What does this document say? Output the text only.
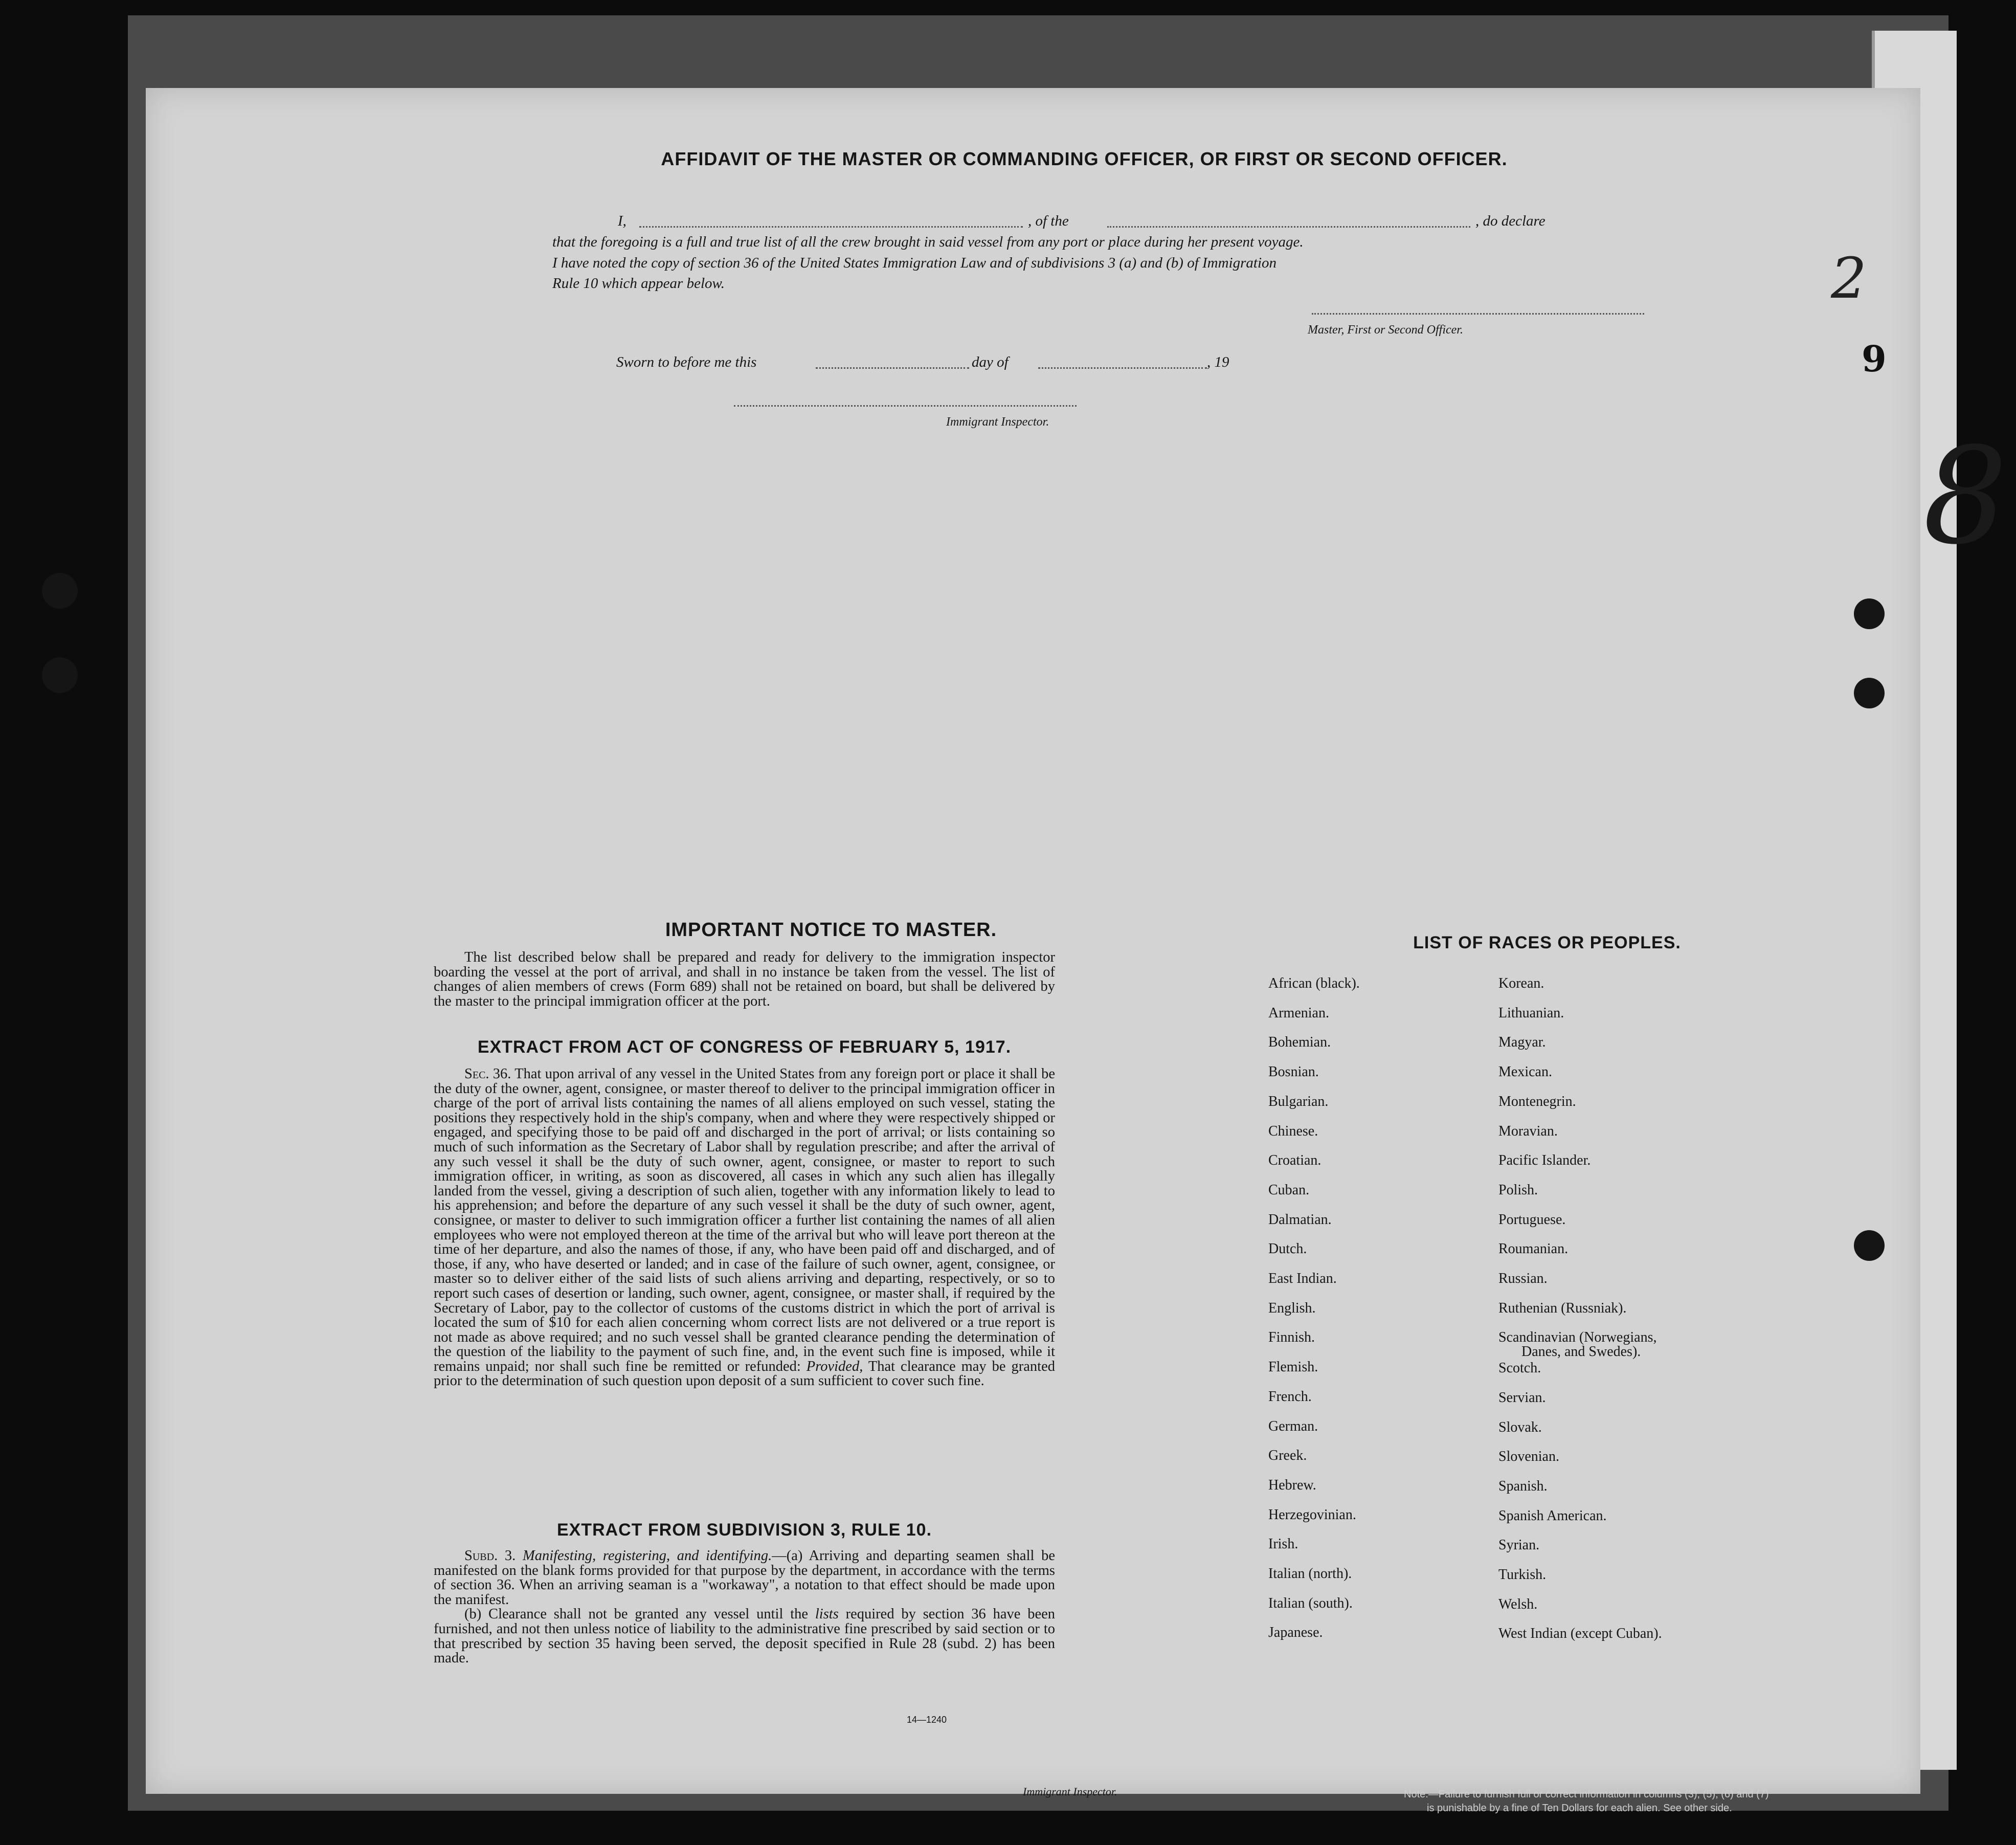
AFFIDAVIT OF THE MASTER OR COMMANDING OFFICER, OR FIRST OR SECOND OFFICER.
I,	, of the	, do declare
that the foregoing is a full and true list of all the crew brought in said vessel from any port or place during her present voyage.
I have noted the copy of section 36 of the United States Immigration Law and of subdivisions 3 (a) and (b) of Immigration
Rule 10 which appear below.
Master, First or Second Officer.
Sworn to before me this	day of	, 19
Immigrant Inspector.
IMPORTANT NOTICE TO MASTER.

The list described below shall be prepared and ready for delivery to the immigration inspector boarding the vessel at the port of arrival, and shall in no instance be taken from the vessel. The list of changes of alien members of crews (Form 689) shall not be retained on board, but shall be delivered by the master to the principal immigration officer at the port.

EXTRACT FROM ACT OF CONGRESS OF FEBRUARY 5, 1917.

Sec. 36. That upon arrival of any vessel in the United States from any foreign port or place it shall be the duty of the owner, agent, consignee, or master thereof to deliver to the principal immigration officer in charge of the port of arrival lists containing the names of all aliens employed on such vessel, stating the positions they respectively hold in the ship's company, when and where they were respectively shipped or engaged, and specifying those to be paid off and discharged in the port of arrival; or lists containing so much of such information as the Secretary of Labor shall by regulation prescribe; and after the arrival of any such vessel it shall be the duty of such owner, agent, consignee, or master to report to such immigration officer, in writing, as soon as discovered, all cases in which any such alien has illegally landed from the vessel, giving a description of such alien, together with any information likely to lead to his apprehension; and before the departure of any such vessel it shall be the duty of such owner, agent, consignee, or master to deliver to such immigration officer a further list containing the names of all alien employees who were not employed thereon at the time of the arrival but who will leave port thereon at the time of her departure, and also the names of those, if any, who have been paid off and discharged, and of those, if any, who have deserted or landed; and in case of the failure of such owner, agent, consignee, or master so to deliver either of the said lists of such aliens arriving and departing, respectively, or so to report such cases of desertion or landing, such owner, agent, consignee, or master shall, if required by the Secretary of Labor, pay to the collector of customs of the customs district in which the port of arrival is located the sum of $10 for each alien concerning whom correct lists are not delivered or a true report is not made as above required; and no such vessel shall be granted clearance pending the determination of the question of the liability to the payment of such fine, and, in the event such fine is imposed, while it remains unpaid; nor shall such fine be remitted or refunded: Provided, That clearance may be granted prior to the determination of such question upon deposit of a sum sufficient to cover such fine.

EXTRACT FROM SUBDIVISION 3, RULE 10.

Subd. 3. Manifesting, registering, and identifying.—(a) Arriving and departing seamen shall be manifested on the blank forms provided for that purpose by the department, in accordance with the terms of section 36. When an arriving seaman is a "workaway", a notation to that effect should be made upon the manifest.

(b) Clearance shall not be granted any vessel until the lists required by section 36 have been furnished, and not then unless notice of liability to the administrative fine prescribed by said section or to that prescribed by section 35 having been served, the deposit specified in Rule 28 (subd. 2) has been made.

14—1240
LIST OF RACES OR PEOPLES.
African (black).
Armenian.
Bohemian.
Bosnian.
Bulgarian.
Chinese.
Croatian.
Cuban.
Dalmatian.
Dutch.
East Indian.
English.
Finnish.
Flemish.
French.
German.
Greek.
Hebrew.
Herzegovinian.
Irish.
Italian (north).
Italian (south).
Japanese.
Korean.
Lithuanian.
Magyar.
Mexican.
Montenegrin.
Moravian.
Pacific Islander.
Polish.
Portuguese.
Roumanian.
Russian.
Ruthenian (Russniak).
Scandinavian (Norwegians,
Scotch.
Servian.
Slovak.
Slovenian.
Spanish.
Spanish American.
Syrian.
Turkish.
Welsh.
West Indian (except Cuban).
Danes, and Swedes).
Immigrant Inspector.	Note.—Failure to furnish full or correct information in columns (3), (5), (6) and (7)
is punishable by a fine of Ten Dollars for each alien. See other side.
2
9
8
